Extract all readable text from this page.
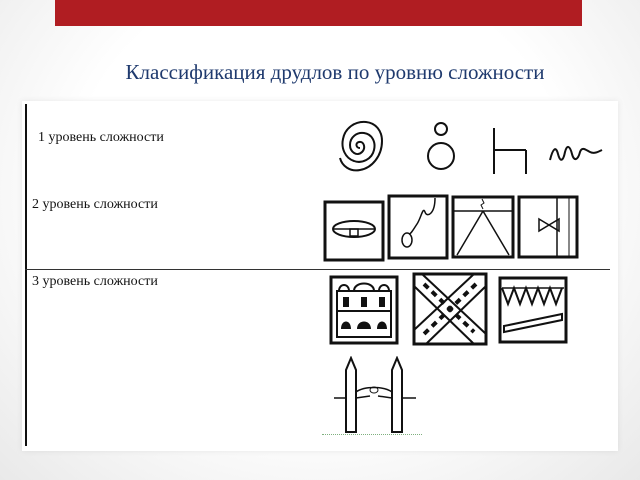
Классификация друдлов по уровню сложности
1 уровень сложности
2 уровень сложности
3 уровень сложности
